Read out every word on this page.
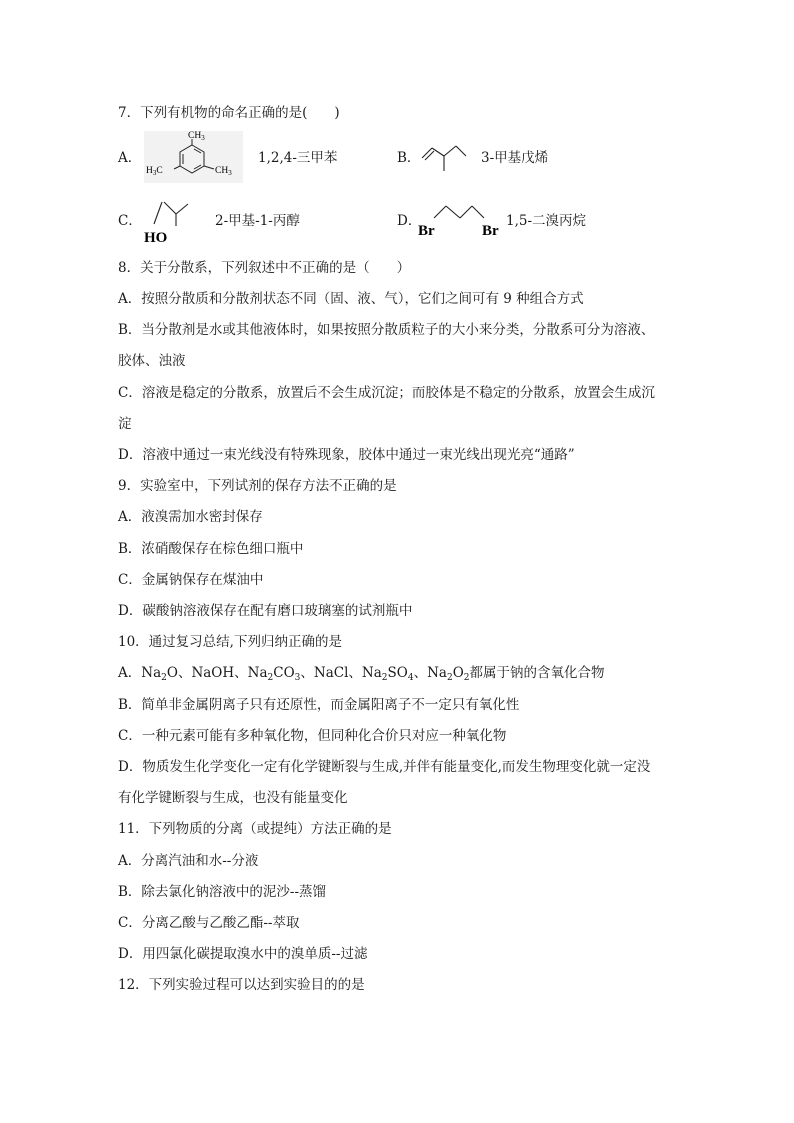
7．下列有机物的命名正确的是(　　)
A．
$CH_3$
$H_3C$	$CH_3$
1,2,4-三甲苯	B．	3-甲基戊烯
C．
HO
2-甲基-1-丙醇	D．
Br	Br
1,5-二溴丙烷
8．关于分散系，下列叙述中不正确的是（　　）
A．按照分散质和分散剂状态不同（固、液、气），它们之间可有 9 种组合方式
B．当分散剂是水或其他液体时，如果按照分散质粒子的大小来分类，分散系可分为溶液、
胶体、浊液
C．溶液是稳定的分散系，放置后不会生成沉淀；而胶体是不稳定的分散系，放置会生成沉
淀
D．溶液中通过一束光线没有特殊现象，胶体中通过一束光线出现光亮“通路”
9．实验室中，下列试剂的保存方法不正确的是
A．液溴需加水密封保存
B．浓硝酸保存在棕色细口瓶中
C．金属钠保存在煤油中
D．碳酸钠溶液保存在配有磨口玻璃塞的试剂瓶中
10．通过复习总结,下列归纳正确的是
A．$Na_2O$、NaOH、$Na_2CO_3$、NaCl、$Na_2SO_4$、$Na_2O_2$都属于钠的含氧化合物
B．简单非金属阴离子只有还原性，而金属阳离子不一定只有氧化性
C．一种元素可能有多种氧化物，但同种化合价只对应一种氧化物
D．物质发生化学变化一定有化学键断裂与生成,并伴有能量变化,而发生物理变化就一定没
有化学键断裂与生成，也没有能量变化
11．下列物质的分离（或提纯）方法正确的是
A．分离汽油和水--分液
B．除去氯化钠溶液中的泥沙--蒸馏
C．分离乙酸与乙酸乙酯--萃取
D．用四氯化碳提取溴水中的溴单质--过滤
12．下列实验过程可以达到实验目的的是
